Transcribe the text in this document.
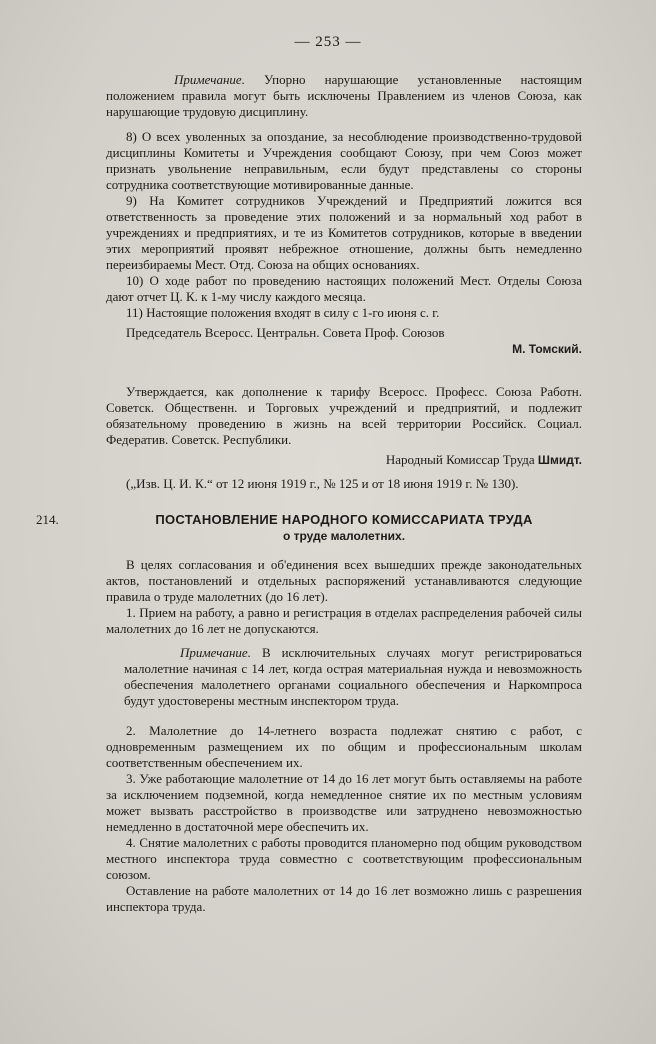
— 253 —

Примечание. Упорно нарушающие установленные настоящим положением правила могут быть исключены Правлением из членов Союза, как нарушающие трудовую дисциплину.

8) О всех уволенных за опоздание, за несоблюдение производственно-трудовой дисциплины Комитеты и Учреждения сообщают Союзу, при чем Союз может признать увольнение неправильным, если будут представлены со стороны сотрудника соответствующие мотивированные данные.

9) На Комитет сотрудников Учреждений и Предприятий ложится вся ответственность за проведение этих положений и за нормальный ход работ в учреждениях и предприятиях, и те из Комитетов сотрудников, которые в введении этих мероприятий проявят небрежное отношение, должны быть немедленно переизбираемы Мест. Отд. Союза на общих основаниях.

10) О ходе работ по проведению настоящих положений Мест. Отделы Союза дают отчет Ц. К. к 1-му числу каждого месяца.

11) Настоящие положения входят в силу с 1-го июня с. г.

Председатель Всеросс. Центральн. Совета Проф. Союзов

М. Томский.

Утверждается, как дополнение к тарифу Всеросс. Професс. Союза Работн. Советск. Общественн. и Торговых учреждений и предприятий, и подлежит обязательному проведению в жизнь на всей территории Российск. Социал. Федератив. Советск. Республики.

Народный Комиссар Труда Шмидт.

(„Изв. Ц. И. К.“ от 12 июня 1919 г., № 125 и от 18 июня 1919 г. № 130).

214.	ПОСТАНОВЛЕНИЕ НАРОДНОГО КОМИССАРИАТА ТРУДА
о труде малолетних.

В целях согласования и об'единения всех вышедших прежде законодательных актов, постановлений и отдельных распоряжений устанавливаются следующие правила о труде малолетних (до 16 лет).

1. Прием на работу, а равно и регистрация в отделах распределения рабочей силы малолетних до 16 лет не допускаются.

Примечание. В исключительных случаях могут регистрироваться малолетние начиная с 14 лет, когда острая материальная нужда и невозможность обеспечения малолетнего органами социального обеспечения и Наркомпроса будут удостоверены местным инспектором труда.

2. Малолетние до 14-летнего возраста подлежат снятию с работ, с одновременным размещением их по общим и профессиональным школам соответственным обеспечением их.

3. Уже работающие малолетние от 14 до 16 лет могут быть оставляемы на работе за исключением подземной, когда немедленное снятие их по местным условиям может вызвать расстройство в производстве или затруднено невозможностью немедленно в достаточной мере обеспечить их.

4. Снятие малолетних с работы проводится планомерно под общим руководством местного инспектора труда совместно с соответствующим профессиональным союзом.

Оставление на работе малолетних от 14 до 16 лет возможно лишь с разрешения инспектора труда.
